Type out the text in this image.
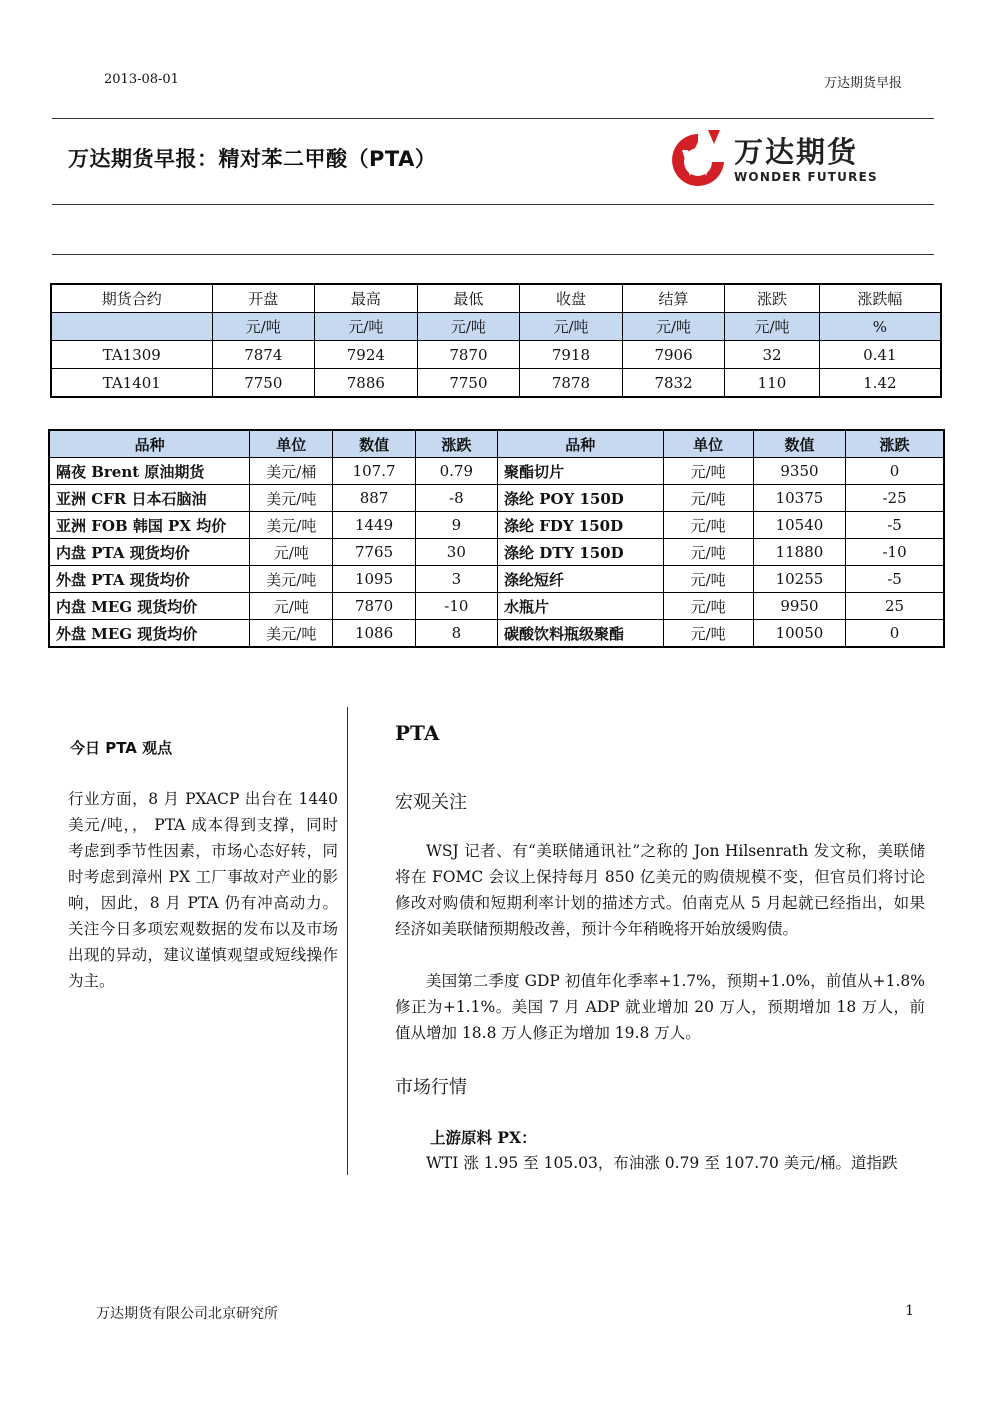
2013-08-01	万达期货早报
万达期货早报：精对苯二甲酸（PTA）	万达期货
WONDER FUTURES
期货合约	开盘	最高	最低	收盘	结算	涨跌	涨跌幅
	元/吨	元/吨	元/吨	元/吨	元/吨	元/吨	%
TA1309	7874	7924	7870	7918	7906	32	0.41
TA1401	7750	7886	7750	7878	7832	110	1.42
品种	单位	数值	涨跌	品种	单位	数值	涨跌
隔夜 Brent 原油期货	美元/桶	107.7	0.79	聚酯切片	元/吨	9350	0
亚洲 CFR 日本石脑油	美元/吨	887	-8	涤纶 POY 150D	元/吨	10375	-25
亚洲 FOB 韩国 PX 均价	美元/吨	1449	9	涤纶 FDY 150D	元/吨	10540	-5
内盘 PTA 现货均价	元/吨	7765	30	涤纶 DTY 150D	元/吨	11880	-10
外盘 PTA 现货均价	美元/吨	1095	3	涤纶短纤	元/吨	10255	-5
内盘 MEG 现货均价	元/吨	7870	-10	水瓶片	元/吨	9950	25
外盘 MEG 现货均价	美元/吨	1086	8	碳酸饮料瓶级聚酯	元/吨	10050	0
今日 PTA 观点

行业方面，8 月 PXACP 出台在 1440 美元/吨，， PTA 成本得到支撑，同时考虑到季节性因素，市场心态好转，同时考虑到漳州 PX 工厂事故对产业的影响，因此，8 月 PTA 仍有冲高动力。关注今日多项宏观数据的发布以及市场出现的异动，建议谨慎观望或短线操作为主。

PTA
宏观关注

WSJ 记者、有“美联储通讯社”之称的 Jon Hilsenrath 发文称，美联储将在 FOMC 会议上保持每月 850 亿美元的购债规模不变，但官员们将讨论修改对购债和短期利率计划的描述方式。伯南克从 5 月起就已经指出，如果经济如美联储预期般改善，预计今年稍晚将开始放缓购债。

美国第二季度 GDP 初值年化季率+1.7%，预期+1.0%，前值从+1.8%修正为+1.1%。美国 7 月 ADP 就业增加 20 万人，预期增加 18 万人，前值从增加 18.8 万人修正为增加 19.8 万人。

市场行情
上游原料 PX：

WTI 涨 1.95 至 105.03，布油涨 0.79 至 107.70 美元/桶。道指跌

万达期货有限公司北京研究所	1
